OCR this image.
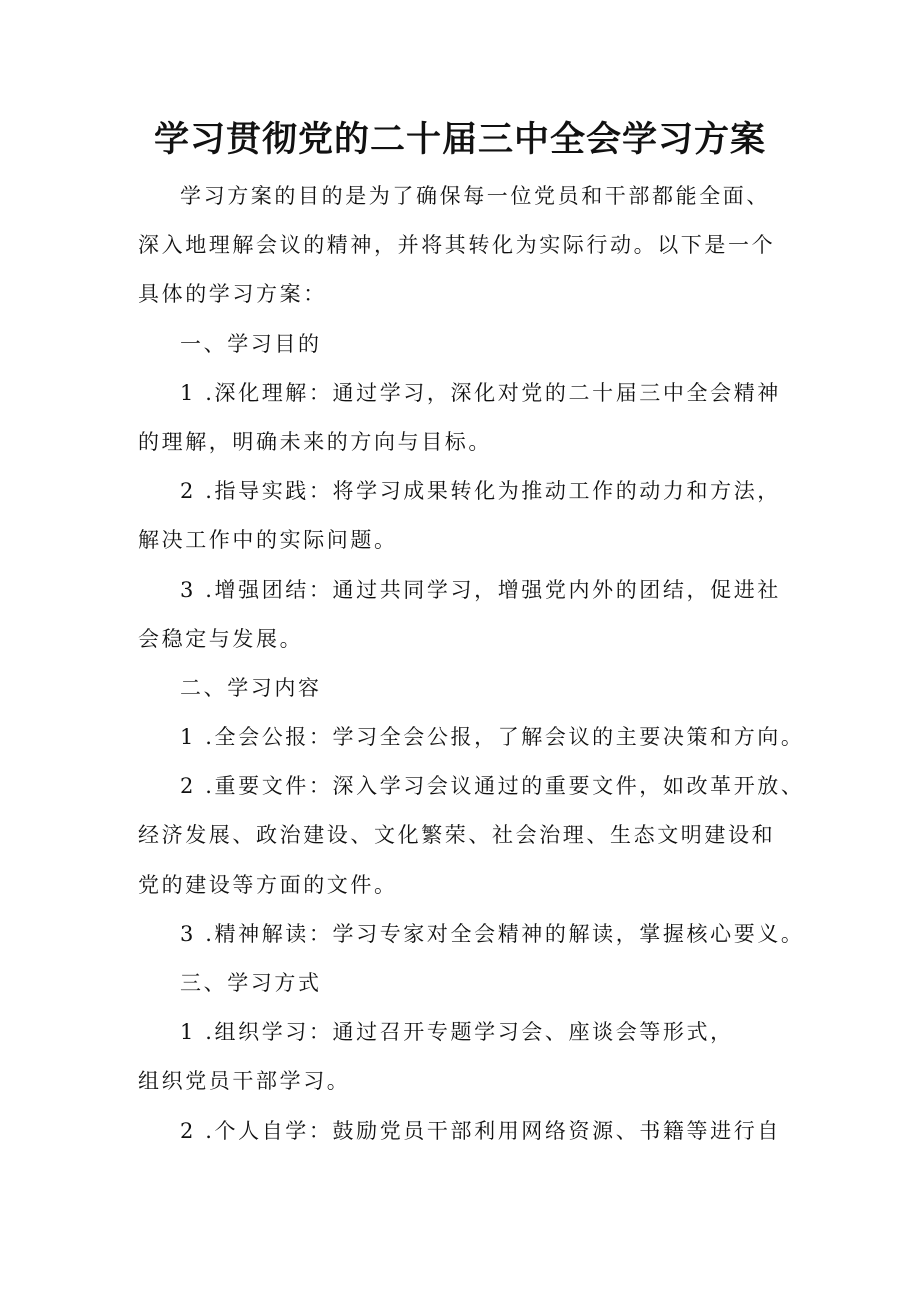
学习贯彻党的二十届三中全会学习方案
学习方案的目的是为了确保每一位党员和干部都能全面、
深入地理解会议的精神，并将其转化为实际行动。以下是一个
具体的学习方案：
一、学习目的
1 .深化理解：通过学习，深化对党的二十届三中全会精神
的理解，明确未来的方向与目标。
2 .指导实践：将学习成果转化为推动工作的动力和方法，
解决工作中的实际问题。
3 .增强团结：通过共同学习，增强党内外的团结，促进社
会稳定与发展。
二、学习内容
1 .全会公报：学习全会公报，了解会议的主要决策和方向。
2 .重要文件：深入学习会议通过的重要文件，如改革开放、
经济发展、政治建设、文化繁荣、社会治理、生态文明建设和
党的建设等方面的文件。
3 .精神解读：学习专家对全会精神的解读，掌握核心要义。
三、学习方式
1 .组织学习：通过召开专题学习会、座谈会等形式，
组织党员干部学习。
2 .个人自学：鼓励党员干部利用网络资源、书籍等进行自
